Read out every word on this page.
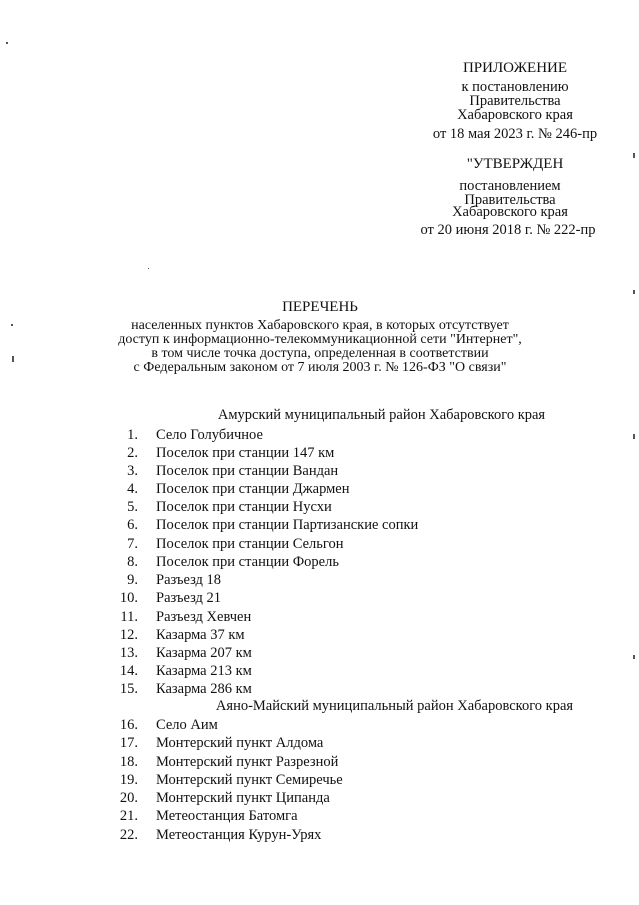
ПРИЛОЖЕНИЕ
к постановлению
Правительства
Хабаровского края
от 18 мая 2023 г. № 246-пр
"УТВЕРЖДЕН
постановлением
Правительства
Хабаровского края
от 20 июня 2018 г. № 222-пр
ПЕРЕЧЕНЬ
населенных пунктов Хабаровского края, в которых отсутствует
доступ к информационно-телекоммуникационной сети "Интернет",
в том числе точка доступа, определенная в соответствии
с Федеральным законом от 7 июля 2003 г. № 126-ФЗ "О связи"
Амурский муниципальный район Хабаровского края
1. Село Голубичное
2. Поселок при станции 147 км
3. Поселок при станции Вандан
4. Поселок при станции Джармен
5. Поселок при станции Нусхи
6. Поселок при станции Партизанские сопки
7. Поселок при станции Сельгон
8. Поселок при станции Форель
9. Разъезд 18
10. Разъезд 21
11. Разъезд Хевчен
12. Казарма 37 км
13. Казарма 207 км
14. Казарма 213 км
15. Казарма 286 км
Аяно-Майский муниципальный район Хабаровского края
16. Село Аим
17. Монтерский пункт Алдома
18. Монтерский пункт Разрезной
19. Монтерский пункт Семиречье
20. Монтерский пункт Ципанда
21. Метеостанция Батомга
22. Метеостанция Курун-Урях
